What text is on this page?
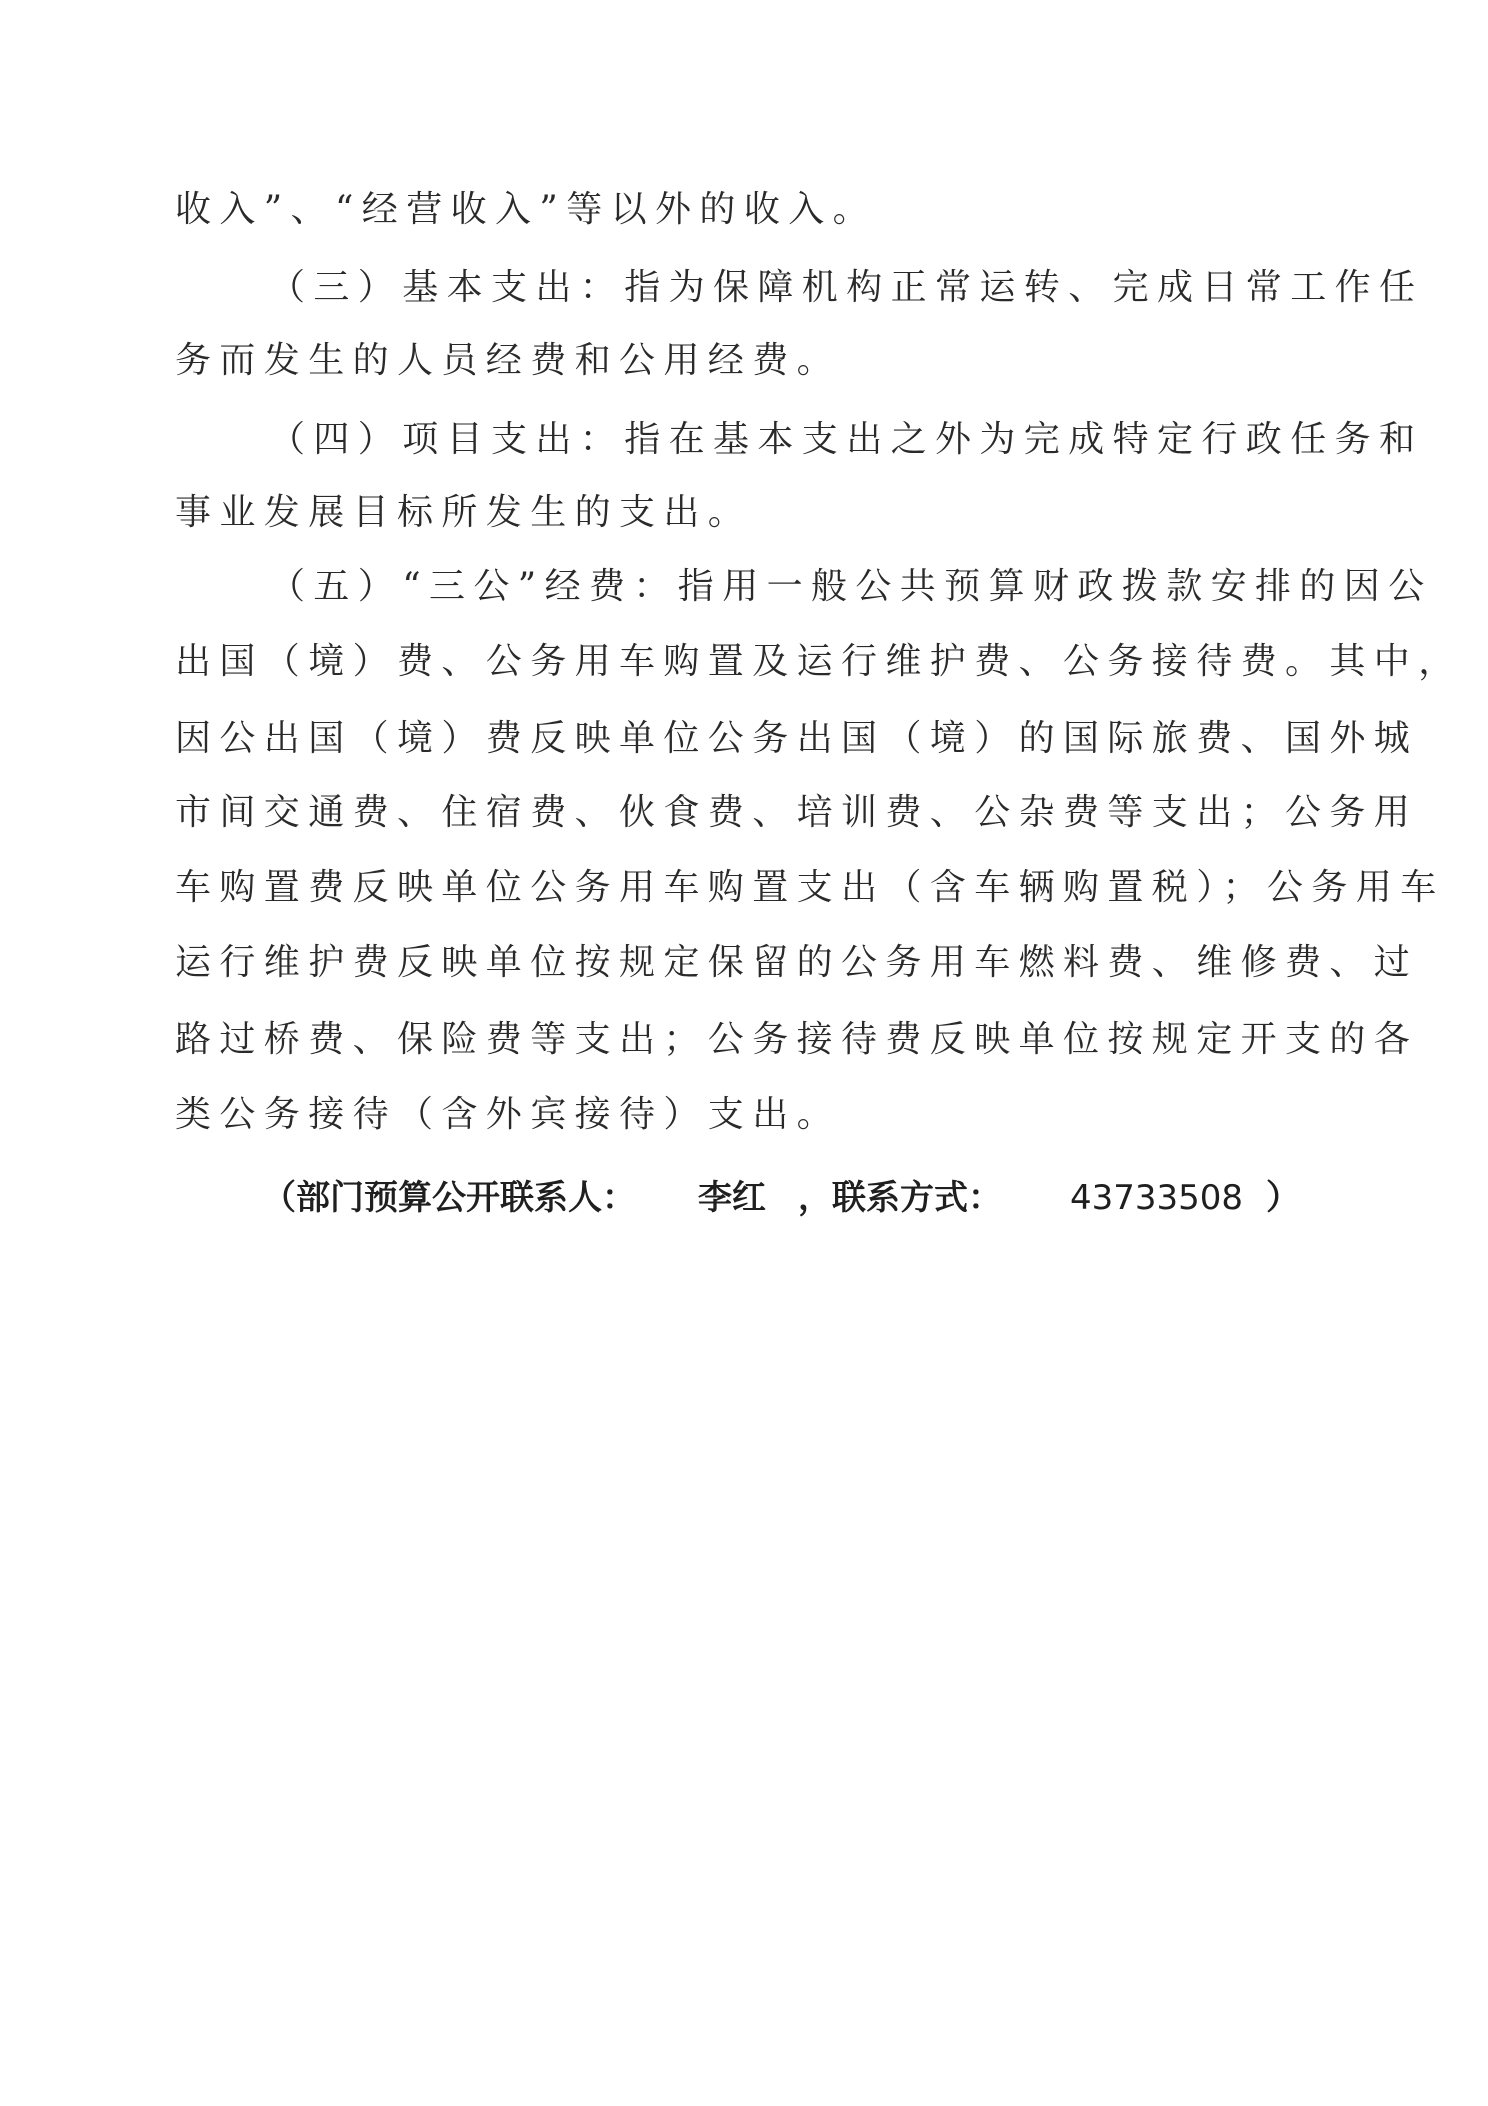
收入”、“经营收入”等以外的收入。
（三）基本支出：指为保障机构正常运转、完成日常工作任
务而发生的人员经费和公用经费。
（四）项目支出：指在基本支出之外为完成特定行政任务和
事业发展目标所发生的支出。
（五）“三公”经费：指用一般公共预算财政拨款安排的因公
出国（境）费、公务用车购置及运行维护费、公务接待费。其中，
因公出国（境）费反映单位公务出国（境）的国际旅费、国外城
市间交通费、住宿费、伙食费、培训费、公杂费等支出；公务用
车购置费反映单位公务用车购置支出（含车辆购置税）；公务用车
运行维护费反映单位按规定保留的公务用车燃料费、维修费、过
路过桥费、保险费等支出；公务接待费反映单位按规定开支的各
类公务接待（含外宾接待）支出。
（ 部门预算公开联系人： 李红 ，联系方式： 43733508 ）
